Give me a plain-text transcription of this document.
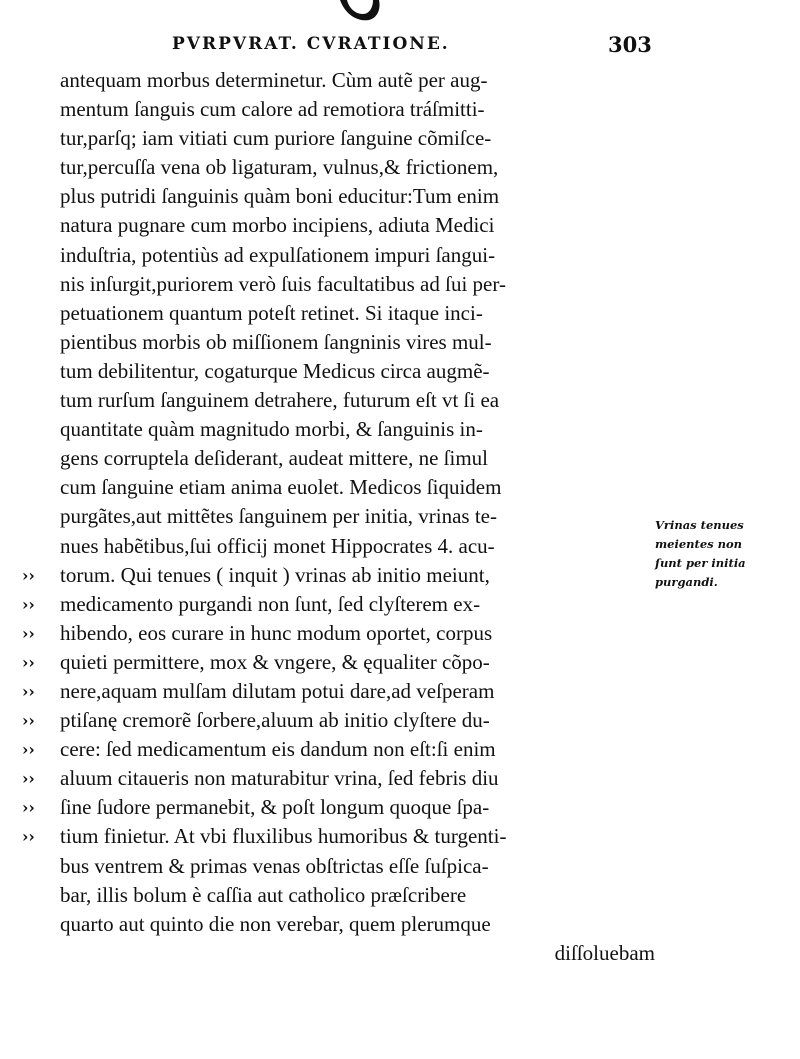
PVRPVRAT. CVRATIONE.	303
antequam morbus determinetur. Cùm autẽ per aug-
mentum ſanguis cum calore ad remotiora tráſmitti-
tur,parſq; iam vitiati cum puriore ſanguine cõmiſce-
tur,percuſſa vena ob ligaturam, vulnus,& frictionem,
plus putridi ſanguinis quàm boni educitur:Tum enim
natura pugnare cum morbo incipiens, adiuta Medici
induſtria, potentiùs ad expulſationem impuri ſangui-
nis inſurgit,puriorem verò ſuis facultatibus ad ſui per-
petuationem quantum poteſt retinet. Si itaque inci-
pientibus morbis ob miſſionem ſangninis vires mul-
tum debilitentur, cogaturque Medicus circa augmẽ-
tum rurſum ſanguinem detrahere, futurum eſt vt ſi ea
quantitate quàm magnitudo morbi, & ſanguinis in-
gens corruptela deſiderant, audeat mittere, ne ſimul
cum ſanguine etiam anima euolet. Medicos ſiquidem
purgãtes,aut mittẽtes ſanguinem per initia, vrinas te-
nues habẽtibus,ſui officij monet Hippocrates 4. acu-
›› torum. Qui tenues ( inquit ) vrinas ab initio meiunt,
›› medicamento purgandi non ſunt, ſed clyſterem ex-
›› hibendo, eos curare in hunc modum oportet, corpus
›› quieti permittere, mox & vngere, & ęqualiter cõpo-
›› nere,aquam mulſam dilutam potui dare,ad veſperam
›› ptiſanę cremorẽ ſorbere,aluum ab initio clyſtere du-
›› cere: ſed medicamentum eis dandum non eſt:ſi enim
›› aluum citaueris non maturabitur vrina, ſed febris diu
›› ſine ſudore permanebit, & poſt longum quoque ſpa-
›› tium finietur. At vbi fluxilibus humoribus & turgenti-
bus ventrem & primas venas obſtrictas eſſe ſuſpica-
bar, illis bolum è caſſia aut catholico præſcribere
quarto aut quinto die non verebar, quem plerumque
diſſoluebam
Vrinas tenues
meientes non
ſunt per initia
purgandi.
